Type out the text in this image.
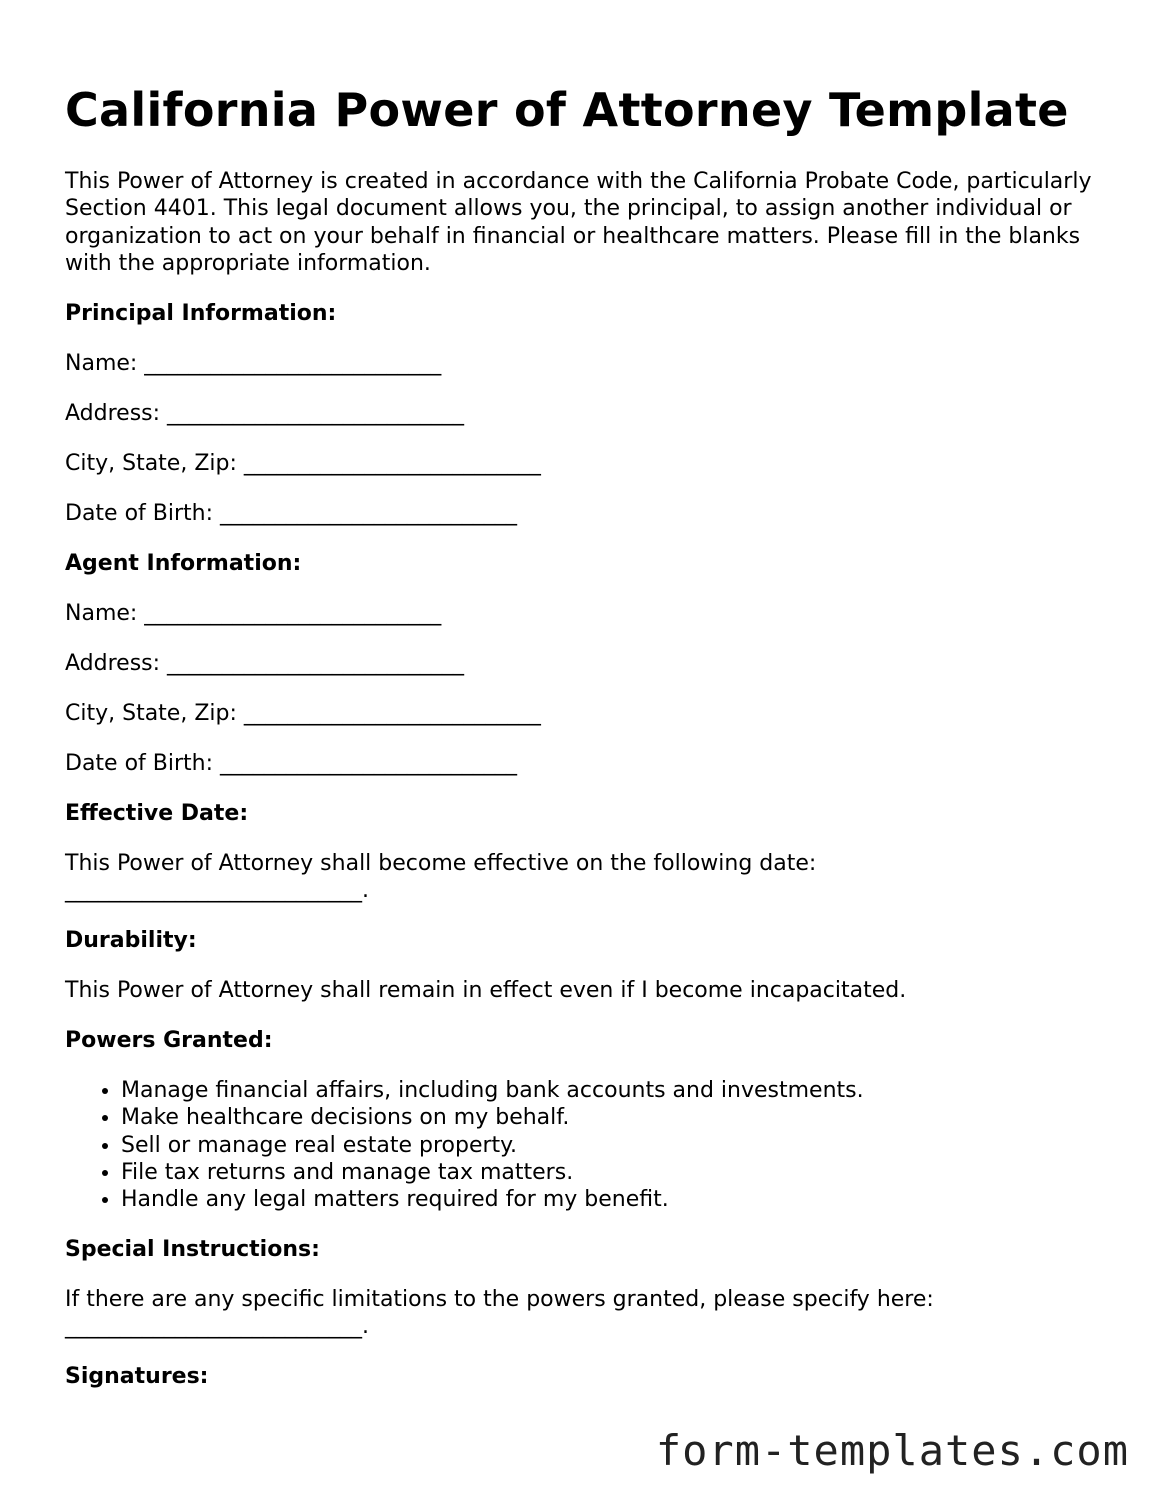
California Power of Attorney Template

This Power of Attorney is created in accordance with the California Probate Code, particularly Section 4401. This legal document allows you, the principal, to assign another individual or organization to act on your behalf in financial or healthcare matters. Please fill in the blanks with the appropriate information.

Principal Information:

Name: ___________________________

Address: ___________________________

City, State, Zip: ___________________________

Date of Birth: ___________________________

Agent Information:

Name: ___________________________

Address: ___________________________

City, State, Zip: ___________________________

Date of Birth: ___________________________

Effective Date:

This Power of Attorney shall become effective on the following date: ___________________________.

Durability:

This Power of Attorney shall remain in effect even if I become incapacitated.

Powers Granted:

• Manage financial affairs, including bank accounts and investments.
• Make healthcare decisions on my behalf.
• Sell or manage real estate property.
• File tax returns and manage tax matters.
• Handle any legal matters required for my benefit.

Special Instructions:

If there are any specific limitations to the powers granted, please specify here: ___________________________.

Signatures:

form-templates.com
